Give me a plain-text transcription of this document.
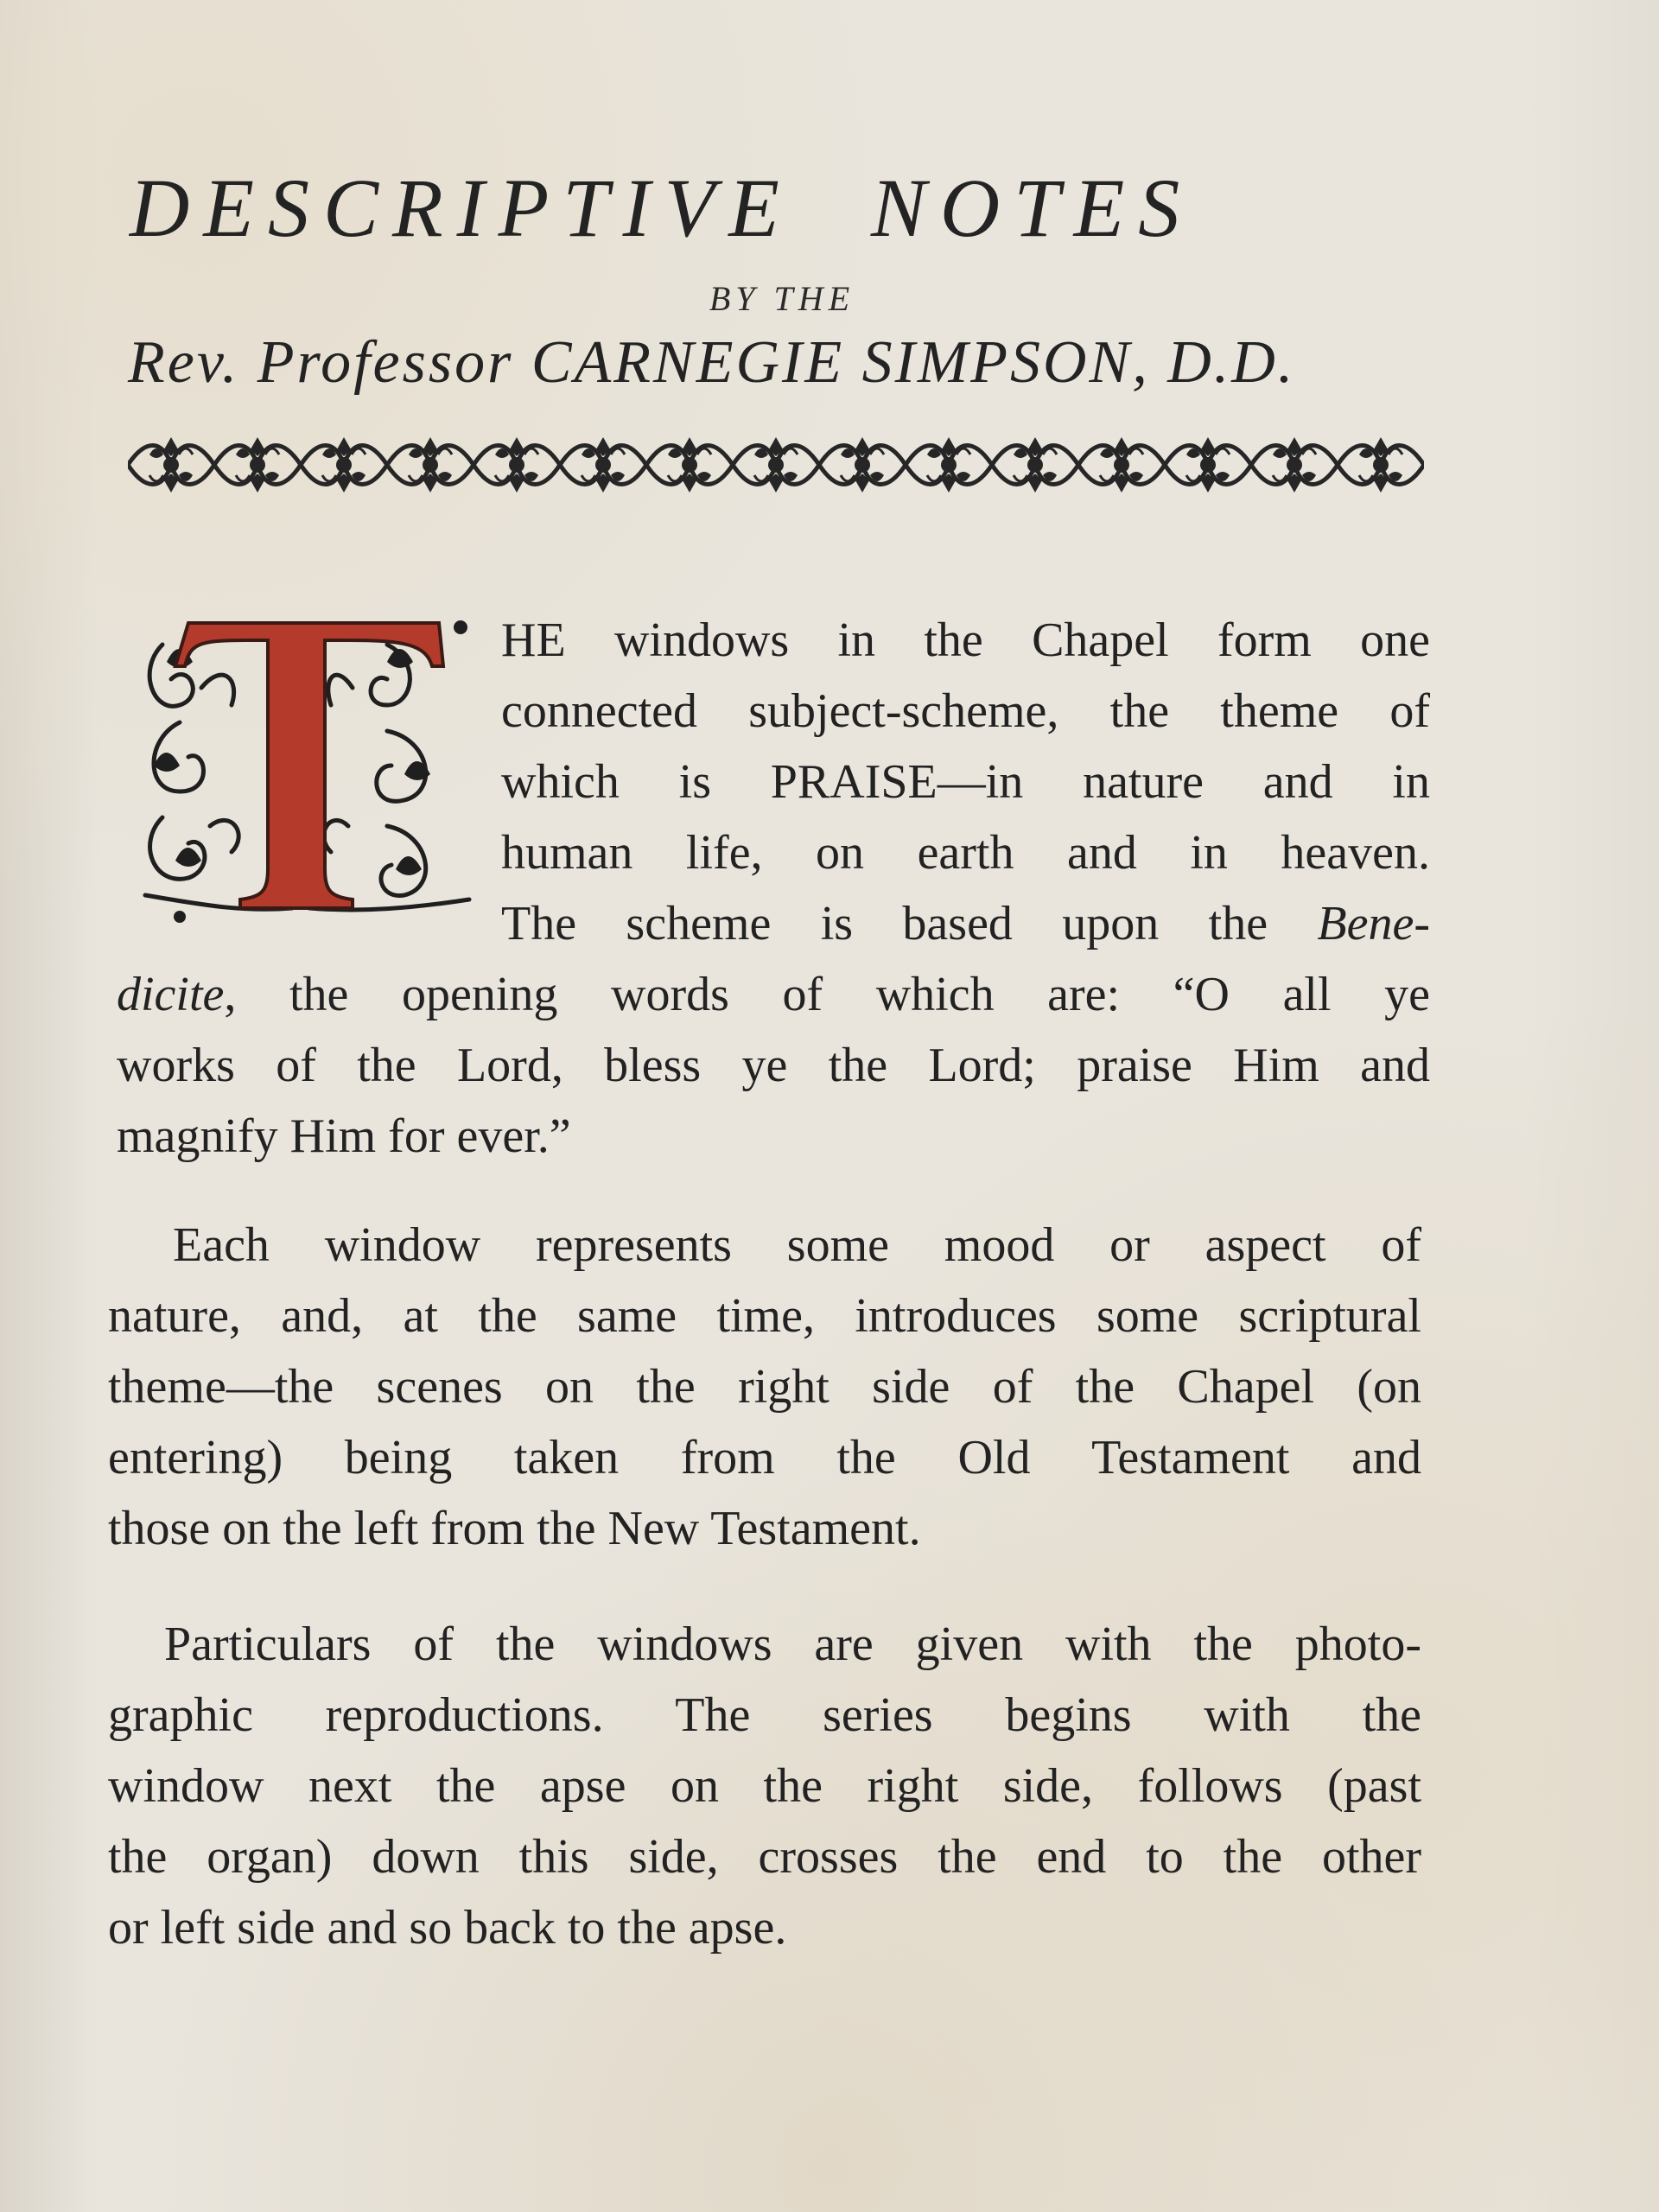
DESCRIPTIVE NOTES
BY THE
Rev. Professor CARNEGIE SIMPSON, D.D.
HE windows in the Chapel form one
connected subject-scheme, the theme of
which is PRAISE—in nature and in
human life, on earth and in heaven.
The scheme is based upon the Bene-
dicite, the opening words of which are: “O all ye
works of the Lord, bless ye the Lord; praise Him and
magnify Him for ever.”
Each window represents some mood or aspect of
nature, and, at the same time, introduces some scriptural
theme—the scenes on the right side of the Chapel (on
entering) being taken from the Old Testament and
those on the left from the New Testament.
Particulars of the windows are given with the photo-
graphic reproductions. The series begins with the
window next the apse on the right side, follows (past
the organ) down this side, crosses the end to the other
or left side and so back to the apse.
